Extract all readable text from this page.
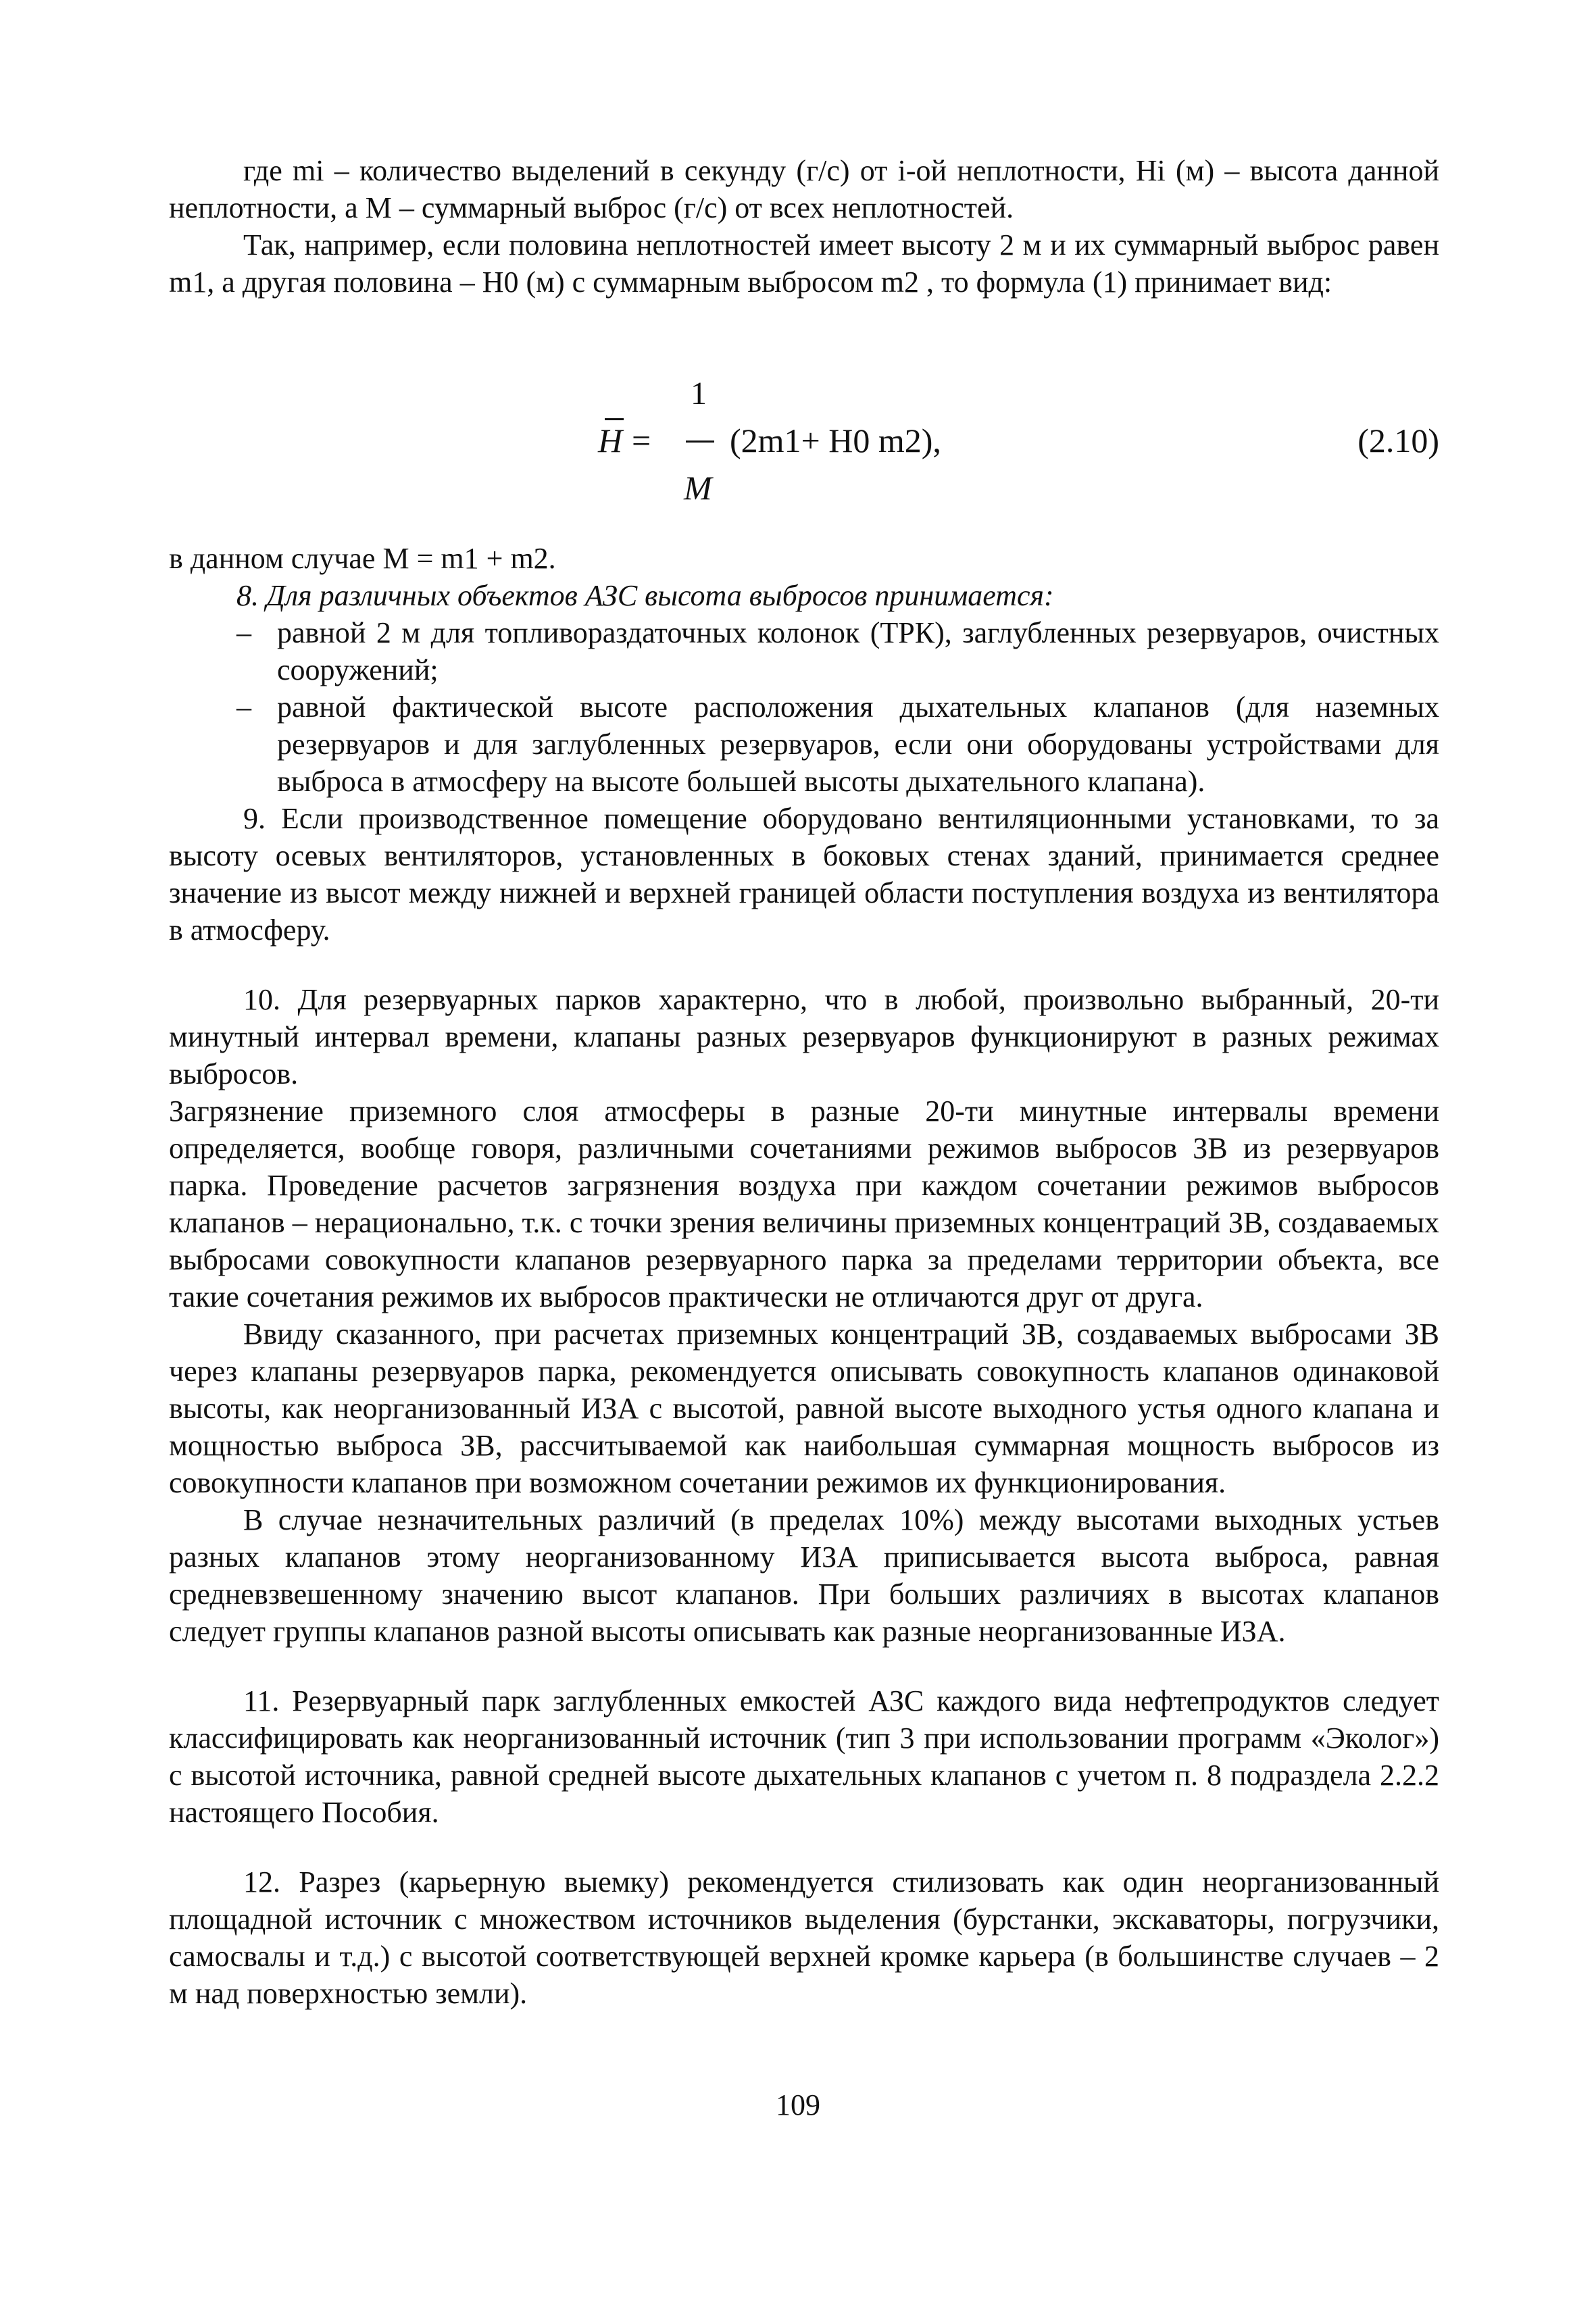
где mi – количество выделений в секунду (г/с) от i-ой неплотности, Hi (м) – высота данной неплотности, а M – суммарный выброс (г/с) от всех неплотностей.

Так, например, если половина неплотностей имеет высоту 2 м и их суммарный выброс равен m1, а другая половина – H0 (м) с суммарным выбросом m2 , то формула (1) принимает вид:

1
H = (2m1+ H0 m2),
M
(2.10)

в данном случае M = m1 + m2.

8. Для различных объектов АЗС высота выбросов принимается:

– равной 2 м для топливораздаточных колонок (ТРК), заглубленных резервуаров, очистных сооружений;
– равной фактической высоте расположения дыхательных клапанов (для наземных резервуаров и для заглубленных резервуаров, если они оборудованы устройствами для выброса в атмосферу на высоте большей высоты дыхательного клапана).

9. Если производственное помещение оборудовано вентиляционными установками, то за высоту осевых вентиляторов, установленных в боковых стенах зданий, принимается среднее значение из высот между нижней и верхней границей области поступления воздуха из вентилятора в атмосферу.

10. Для резервуарных парков характерно, что в любой, произвольно выбранный, 20-ти минутный интервал времени, клапаны разных резервуаров функционируют в разных режимах выбросов.

Загрязнение приземного слоя атмосферы в разные 20-ти минутные интервалы времени определяется, вообще говоря, различными сочетаниями режимов выбросов ЗВ из резервуаров парка. Проведение расчетов загрязнения воздуха при каждом сочетании режимов выбросов клапанов – нерационально, т.к. с точки зрения величины приземных концентраций ЗВ, создаваемых выбросами совокупности клапанов резервуарного парка за пределами территории объекта, все такие сочетания режимов их выбросов практически не отличаются друг от друга.

Ввиду сказанного, при расчетах приземных концентраций ЗВ, создаваемых выбросами ЗВ через клапаны резервуаров парка, рекомендуется описывать совокупность клапанов одинаковой высоты, как неорганизованный ИЗА с высотой, равной высоте выходного устья одного клапана и мощностью выброса ЗВ, рассчитываемой как наибольшая суммарная мощность выбросов из совокупности клапанов при возможном сочетании режимов их функционирования.

В случае незначительных различий (в пределах 10%) между высотами выходных устьев разных клапанов этому неорганизованному ИЗА приписывается высота выброса, равная средневзвешенному значению высот клапанов. При больших различиях в высотах клапанов следует группы клапанов разной высоты описывать как разные неорганизованные ИЗА.

11. Резервуарный парк заглубленных емкостей АЗС каждого вида нефтепродуктов следует классифицировать как неорганизованный источник (тип 3 при использовании программ «Эколог») с высотой источника, равной средней высоте дыхательных клапанов с учетом п. 8 подраздела 2.2.2 настоящего Пособия.

12. Разрез (карьерную выемку) рекомендуется стилизовать как один неорганизованный площадной источник с множеством источников выделения (бурстанки, экскаваторы, погрузчики, самосвалы и т.д.) с высотой соответствующей верхней кромке карьера (в большинстве случаев – 2 м над поверхностью земли).

109
